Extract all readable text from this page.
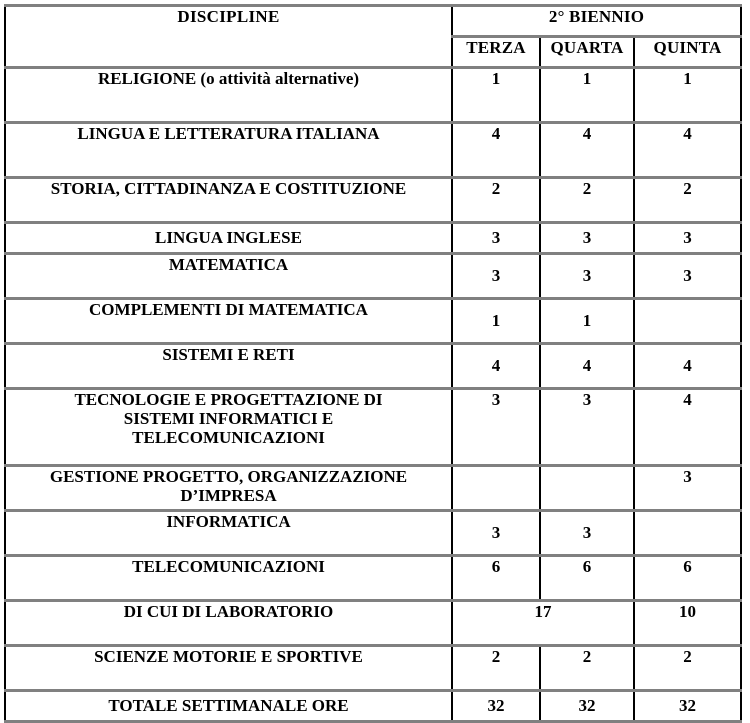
DISCIPLINE	2° BIENNIO		
	TERZA	QUARTA	QUINTA
RELIGIONE (o attività alternative)	1	1	1
LINGUA E LETTERATURA ITALIANA	4	4	4
STORIA, CITTADINANZA E COSTITUZIONE	2	2	2
LINGUA INGLESE	3	3	3
MATEMATICA	3	3	3
COMPLEMENTI DI MATEMATICA	1	1	
SISTEMI E RETI	4	4	4

TECNOLOGIE E PROGETTAZIONE DI
SISTEMI INFORMATICI E
TELECOMUNICAZIONI	3	3	4

GESTIONE PROGETTO, ORGANIZZAZIONE
D’IMPRESA			3
INFORMATICA	3	3	
TELECOMUNICAZIONI	6	6	6
DI CUI DI LABORATORIO	17		10
SCIENZE MOTORIE E SPORTIVE	2	2	2
TOTALE SETTIMANALE ORE	32	32	32
